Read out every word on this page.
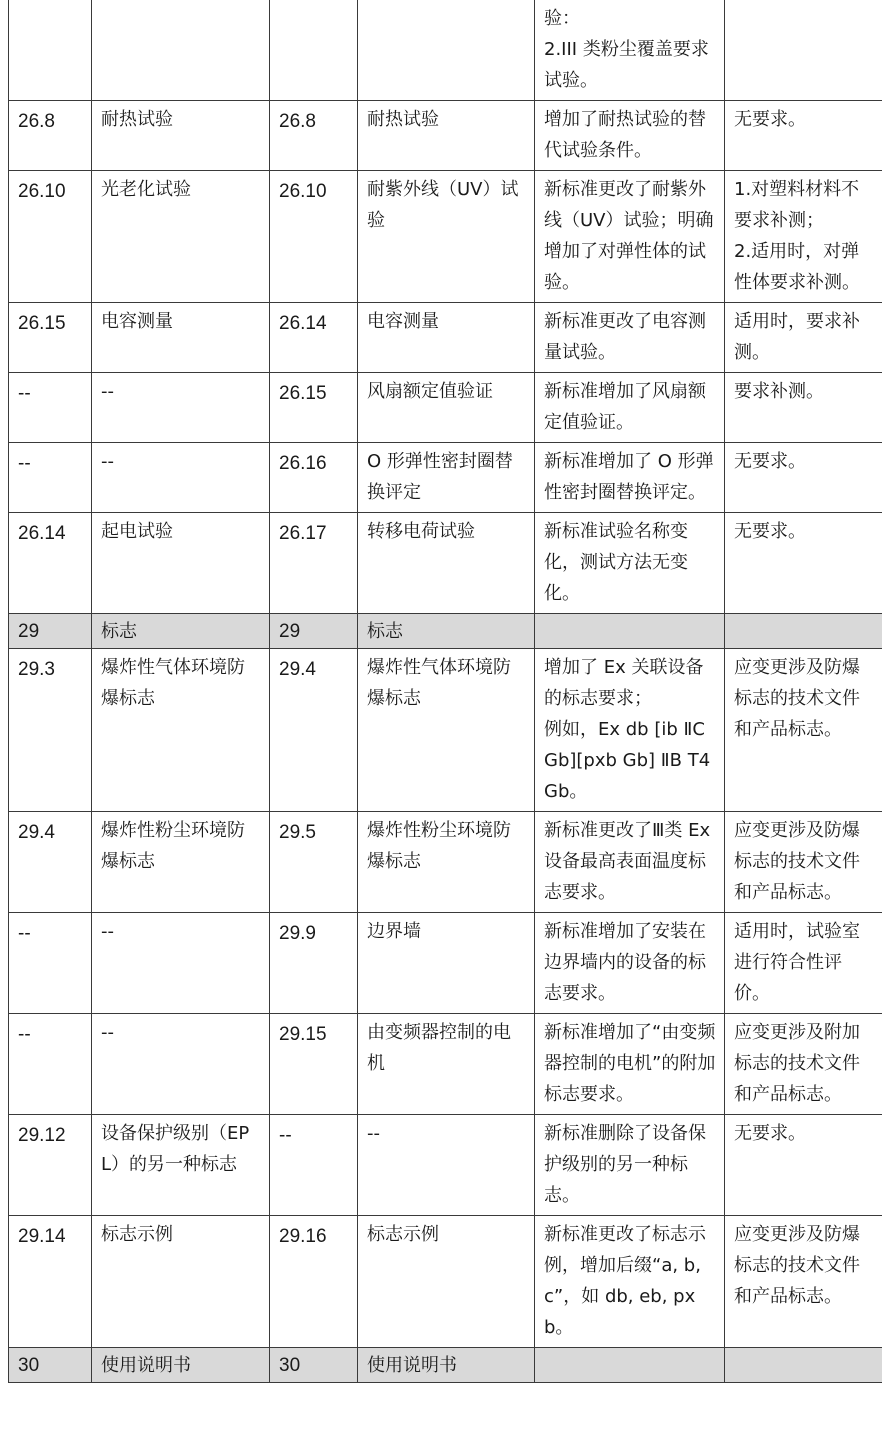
				验：
2.III 类粉尘覆盖要求试验。	
26.8	耐热试验	26.8	耐热试验	增加了耐热试验的替代试验条件。	无要求。
26.10	光老化试验	26.10	耐紫外线（UV）试验	新标准更改了耐紫外线（UV）试验；明确增加了对弹性体的试验。	1.对塑料材料不要求补测；
2.适用时，对弹性体要求补测。
26.15	电容测量	26.14	电容测量	新标准更改了电容测量试验。	适用时，要求补测。
--	--	26.15	风扇额定值验证	新标准增加了风扇额定值验证。	要求补测。
--	--	26.16	O 形弹性密封圈替换评定	新标准增加了 O 形弹性密封圈替换评定。	无要求。
26.14	起电试验	26.17	转移电荷试验	新标准试验名称变化，测试方法无变化。	无要求。
29	标志	29	标志		
29.3	爆炸性气体环境防爆标志	29.4	爆炸性气体环境防爆标志	增加了 Ex 关联设备的标志要求；
例如，Ex db [ib ⅡC Gb][pxb Gb] ⅡB T4 Gb。	应变更涉及防爆标志的技术文件和产品标志。
29.4	爆炸性粉尘环境防爆标志	29.5	爆炸性粉尘环境防爆标志	新标准更改了Ⅲ类 Ex 设备最高表面温度标志要求。	应变更涉及防爆标志的技术文件和产品标志。
--	--	29.9	边界墙	新标准增加了安装在边界墙内的设备的标志要求。	适用时，试验室进行符合性评价。
--	--	29.15	由变频器控制的电机	新标准增加了“由变频器控制的电机”的附加标志要求。	应变更涉及附加标志的技术文件和产品标志。
29.12	设备保护级别（EPL）的另一种标志	--	--	新标准删除了设备保护级别的另一种标志。	无要求。
29.14	标志示例	29.16	标志示例	新标准更改了标志示例，增加后缀“a, b, c”，如 db, eb, pxb。	应变更涉及防爆标志的技术文件和产品标志。
30	使用说明书	30	使用说明书		
